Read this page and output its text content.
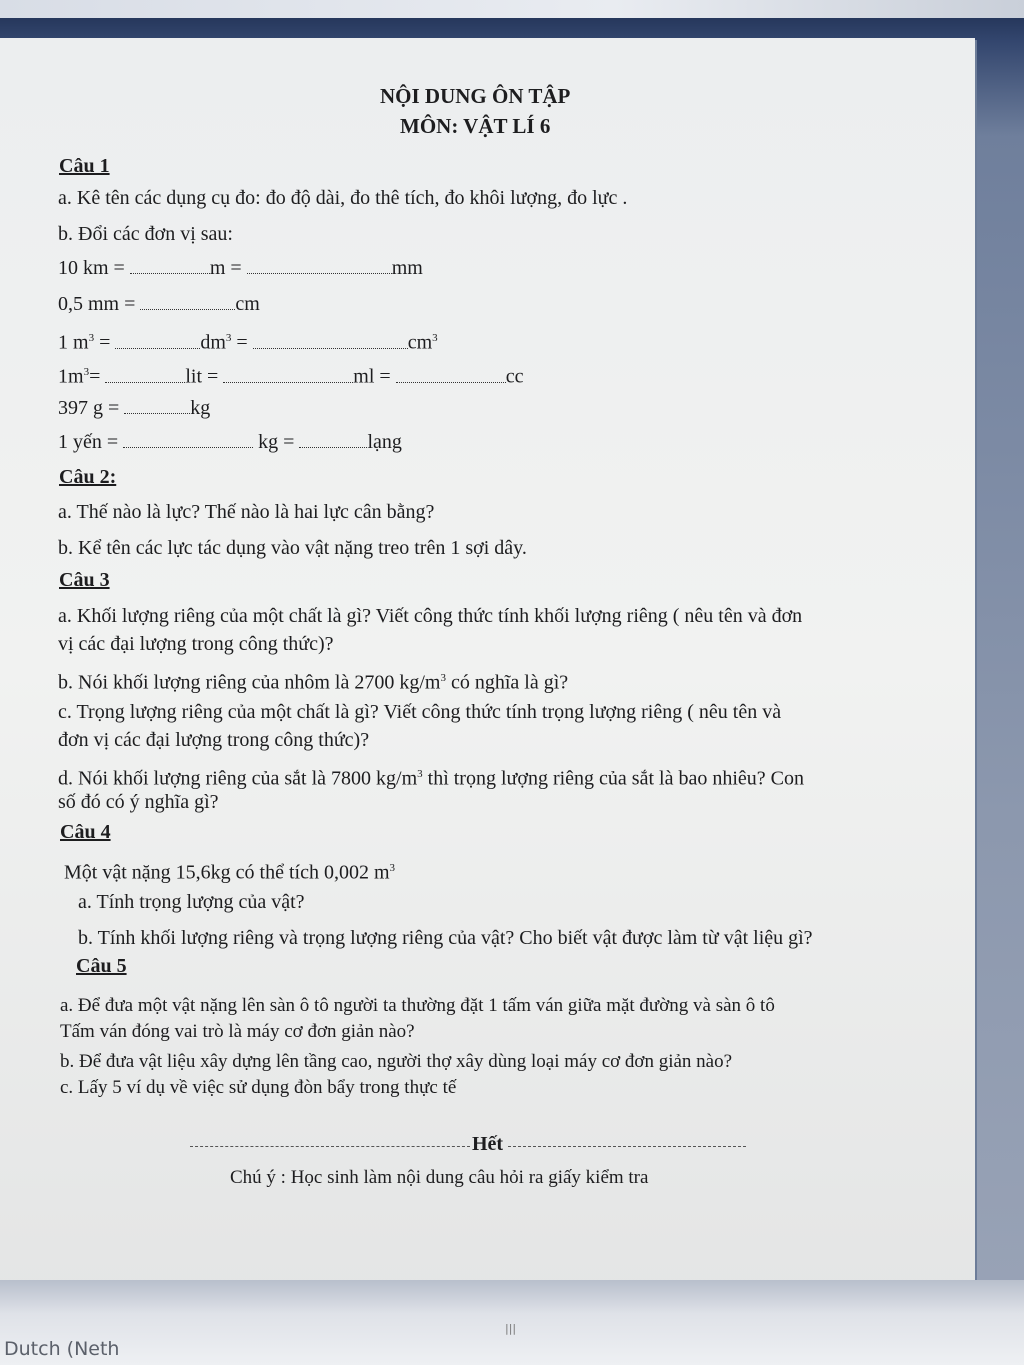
NỘI DUNG ÔN TẬP
MÔN: VẬT LÍ 6
Câu 1
a. Kê tên các dụng cụ đo: đo độ dài, đo thê tích, đo khôi lượng, đo lực .
b. Đổi các đơn vị sau:
10 km =	m =	mm
0,5 mm =	cm
1 $m^3$ =	$dm^3$ =	$cm^3$
$1m^3=$	lit =	ml =	cc
397 g =	kg
1 yến =	kg =	lạng
Câu 2:
a. Thế nào là lực? Thế nào là hai lực cân bằng?
b. Kể tên các lực tác dụng vào vật nặng treo trên 1 sợi dây.
Câu 3
a. Khối lượng riêng của một chất là gì? Viết công thức tính khối lượng riêng ( nêu tên và đơn
vị các đại lượng trong công thức)?
b. Nói khối lượng riêng của nhôm là 2700 $kg/m^3$ có nghĩa là gì?
c. Trọng lượng riêng của một chất là gì? Viết công thức tính trọng lượng riêng ( nêu tên và
đơn vị các đại lượng trong công thức)?
d. Nói khối lượng riêng của sắt là 7800 $kg/m^3$ thì trọng lượng riêng của sắt là bao nhiêu? Con
số đó có ý nghĩa gì?
Câu 4
Một vật nặng 15,6kg có thể tích 0,002 $m^3$
a. Tính trọng lượng của vật?
b. Tính khối lượng riêng và trọng lượng riêng của vật? Cho biết vật được làm từ vật liệu gì?
Câu 5
a. Để đưa một vật nặng lên sàn ô tô người ta thường đặt 1 tấm ván giữa mặt đường và sàn ô tô
Tấm ván đóng vai trò là máy cơ đơn giản nào?
b. Để đưa vật liệu xây dựng lên tầng cao, người thợ xây dùng loại máy cơ đơn giản nào?
c. Lấy 5 ví dụ về việc sử dụng đòn bẩy trong thực tế
Hết
Chú ý : Học sinh làm nội dung câu hỏi ra giấy kiểm tra
|||
Dutch (Neth
